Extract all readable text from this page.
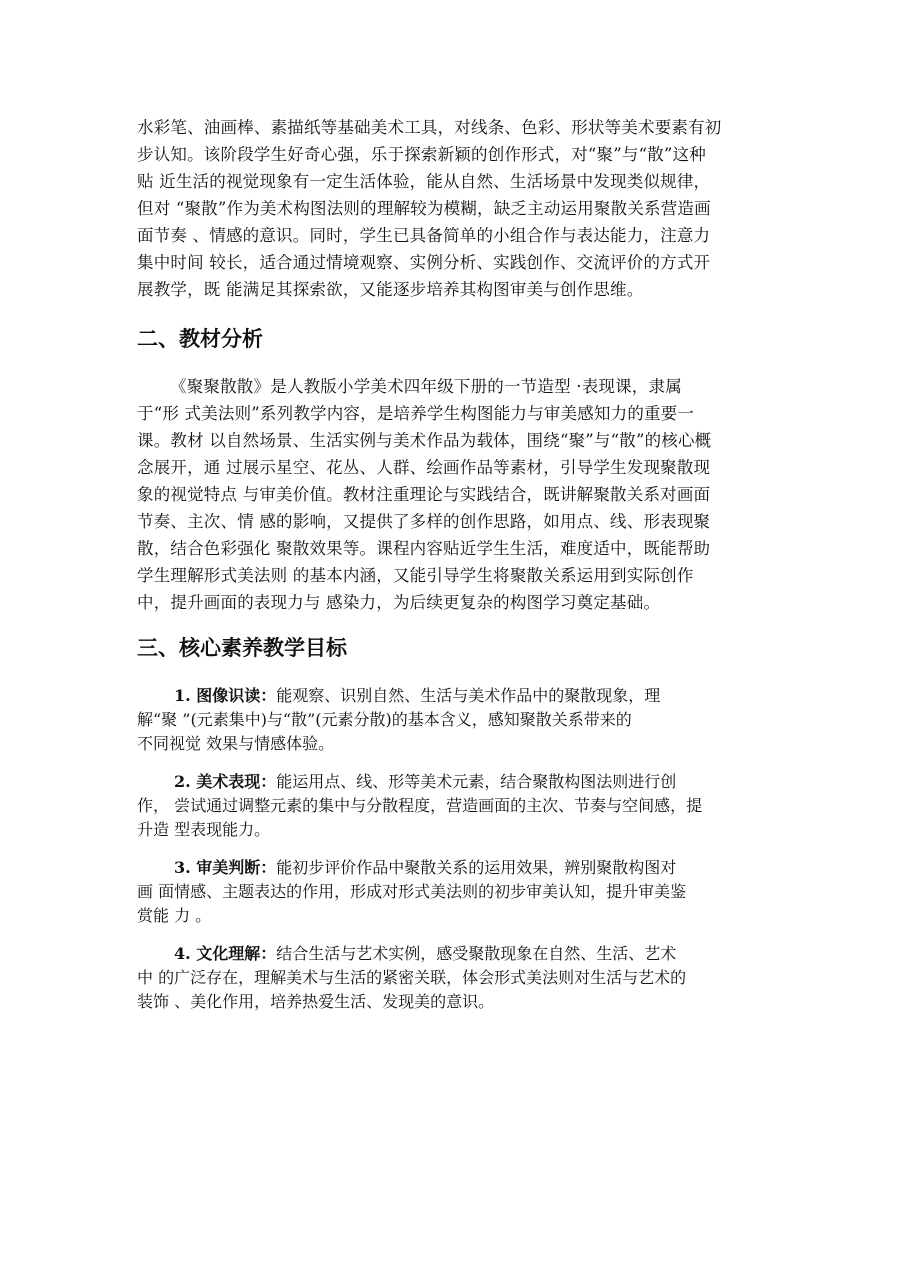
水彩笔、油画棒、素描纸等基础美术工具，对线条、色彩、形状等美术要素有初
步认知。该阶段学生好奇心强，乐于探索新颖的创作形式，对“聚”与“散”这种
贴 近生活的视觉现象有一定生活体验，能从自然、生活场景中发现类似规律，
但对 “聚散”作为美术构图法则的理解较为模糊，缺乏主动运用聚散关系营造画
面节奏 、情感的意识。同时，学生已具备简单的小组合作与表达能力，注意力
集中时间 较长，适合通过情境观察、实例分析、实践创作、交流评价的方式开
展教学，既 能满足其探索欲，又能逐步培养其构图审美与创作思维。
二、教材分析
《聚聚散散》是人教版小学美术四年级下册的一节造型 ·表现课，隶属
于“形 式美法则”系列教学内容，是培养学生构图能力与审美感知力的重要一
课。教材 以自然场景、生活实例与美术作品为载体，围绕“聚”与“散”的核心概
念展开，通 过展示星空、花丛、人群、绘画作品等素材，引导学生发现聚散现
象的视觉特点 与审美价值。教材注重理论与实践结合，既讲解聚散关系对画面
节奏、主次、情 感的影响，又提供了多样的创作思路，如用点、线、形表现聚
散，结合色彩强化 聚散效果等。课程内容贴近学生生活，难度适中，既能帮助
学生理解形式美法则 的基本内涵，又能引导学生将聚散关系运用到实际创作
中，提升画面的表现力与 感染力，为后续更复杂的构图学习奠定基础。
三、核心素养教学目标
1. 图像识读：能观察、识别自然、生活与美术作品中的聚散现象，理
解“聚 ”(元素集中)与“散”(元素分散)的基本含义，感知聚散关系带来的
不同视觉 效果与情感体验。
2. 美术表现：能运用点、线、形等美术元素，结合聚散构图法则进行创
作， 尝试通过调整元素的集中与分散程度，营造画面的主次、节奏与空间感，提
升造 型表现能力。
3. 审美判断：能初步评价作品中聚散关系的运用效果，辨别聚散构图对
画 面情感、主题表达的作用，形成对形式美法则的初步审美认知，提升审美鉴
赏能 力 。
4. 文化理解：结合生活与艺术实例，感受聚散现象在自然、生活、艺术
中 的广泛存在，理解美术与生活的紧密关联，体会形式美法则对生活与艺术的
装饰 、美化作用，培养热爱生活、发现美的意识。
